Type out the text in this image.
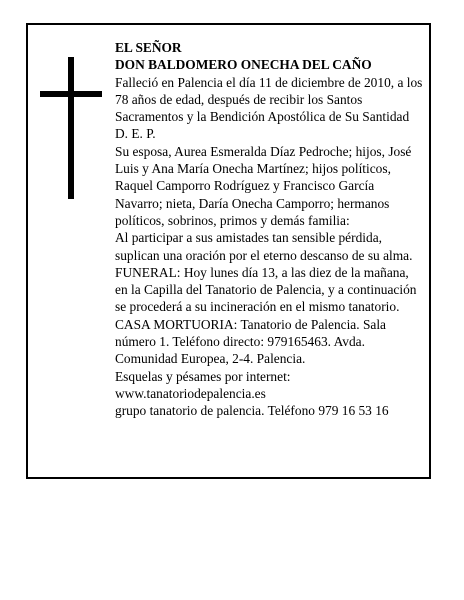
EL SEÑOR

DON BALDOMERO ONECHA DEL CAÑO

Falleció en Palencia el día 11 de diciembre de 2010, a los 78 años de edad, después de recibir los Santos Sacramentos y la Bendición Apostólica de Su Santidad D. E. P.

Su esposa, Aurea Esmeralda Díaz Pedroche; hijos, José Luis y Ana María Onecha Martínez; hijos políticos, Raquel Camporro Rodríguez y Francisco García Navarro; nieta, Daría Onecha Camporro; hermanos políticos, sobrinos, primos y demás familia:

Al participar a sus amistades tan sensible pérdida, suplican una oración por el eterno descanso de su alma.

FUNERAL: Hoy lunes día 13, a las diez de la mañana, en la Capilla del Tanatorio de Palencia, y a continuación se procederá a su incineración en el mismo tanatorio.

CASA MORTUORIA: Tanatorio de Palencia. Sala número 1. Teléfono directo: 979165463. Avda. Comunidad Europea, 2-4. Palencia.

Esquelas y pésames por internet:

www.tanatoriodepalencia.es

grupo tanatorio de palencia. Teléfono 979 16 53 16
